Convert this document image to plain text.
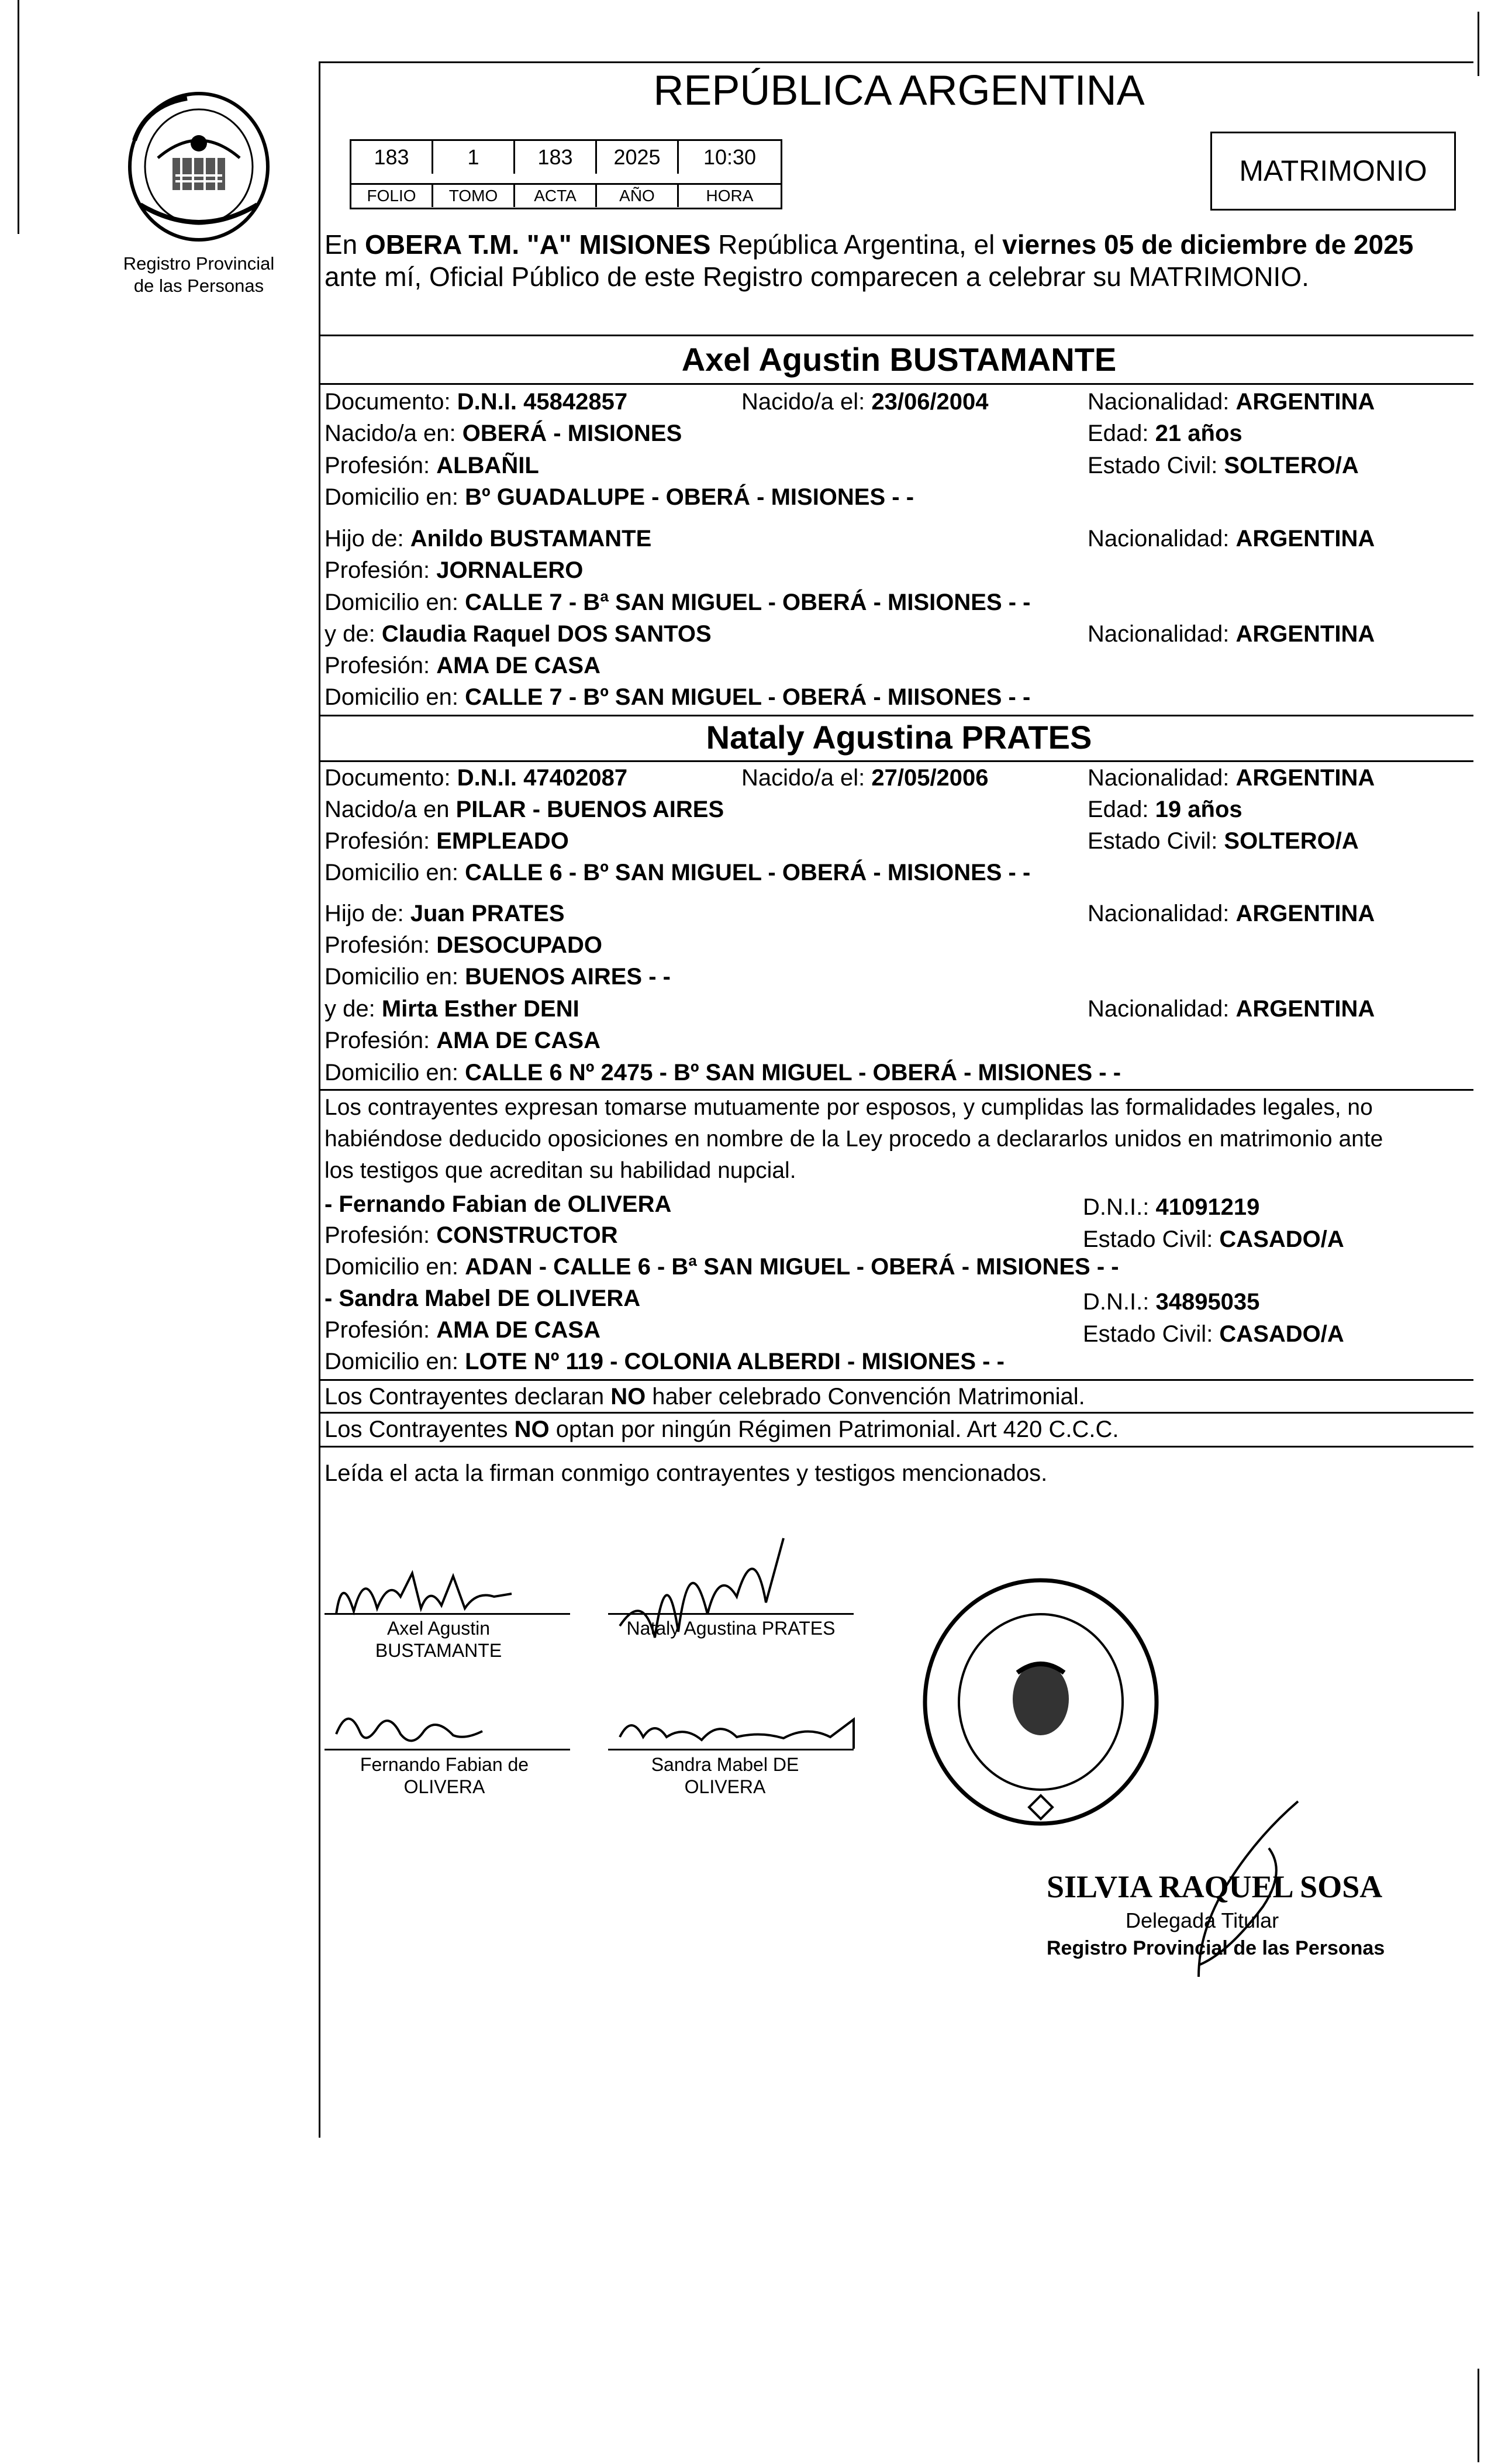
Registro Provincial
de las Personas
REPÚBLICA ARGENTINA
183	1	183	2025	10:30
FOLIO	TOMO	ACTA	AÑO	HORA
MATRIMONIO
En OBERA T.M. "A" MISIONES República Argentina, el viernes 05 de diciembre de 2025
ante mí, Oficial Público de este Registro comparecen a celebrar su MATRIMONIO.
Axel Agustin BUSTAMANTE
Documento: D.N.I. 45842857	Nacido/a el: 23/06/2004	Nacionalidad: ARGENTINA
Nacido/a en: OBERÁ - MISIONES	Edad: 21 años
Profesión: ALBAÑIL	Estado Civil: SOLTERO/A
Domicilio en: Bº GUADALUPE - OBERÁ - MISIONES - -
Hijo de: Anildo BUSTAMANTE	Nacionalidad: ARGENTINA
Profesión: JORNALERO
Domicilio en: CALLE 7 - Bª SAN MIGUEL - OBERÁ - MISIONES - -
y de: Claudia Raquel DOS SANTOS	Nacionalidad: ARGENTINA
Profesión: AMA DE CASA
Domicilio en: CALLE 7 - Bº SAN MIGUEL - OBERÁ - MIISONES - -
Nataly Agustina PRATES
Documento: D.N.I. 47402087	Nacido/a el: 27/05/2006	Nacionalidad: ARGENTINA
Nacido/a en PILAR - BUENOS AIRES	Edad: 19 años
Profesión: EMPLEADO	Estado Civil: SOLTERO/A
Domicilio en: CALLE 6 - Bº SAN MIGUEL - OBERÁ - MISIONES - -
Hijo de: Juan PRATES	Nacionalidad: ARGENTINA
Profesión: DESOCUPADO
Domicilio en: BUENOS AIRES - -
y de: Mirta Esther DENI	Nacionalidad: ARGENTINA
Profesión: AMA DE CASA
Domicilio en: CALLE 6 Nº 2475 - Bº SAN MIGUEL - OBERÁ - MISIONES - -
Los contrayentes expresan tomarse mutuamente por esposos, y cumplidas las formalidades legales, no
habiéndose deducido oposiciones en nombre de la Ley procedo a declararlos unidos en matrimonio ante
los testigos que acreditan su habilidad nupcial.
- Fernando Fabian de OLIVERA	D.N.I.: 41091219
Profesión: CONSTRUCTOR	Estado Civil: CASADO/A
Domicilio en: ADAN - CALLE 6 - Bª SAN MIGUEL - OBERÁ - MISIONES - -
- Sandra Mabel DE OLIVERA	D.N.I.: 34895035
Profesión: AMA DE CASA	Estado Civil: CASADO/A
Domicilio en: LOTE Nº 119 - COLONIA ALBERDI - MISIONES - -
Los Contrayentes declaran NO haber celebrado Convención Matrimonial.
Los Contrayentes NO optan por ningún Régimen Patrimonial. Art 420 C.C.C.
Leída el acta la firman conmigo contrayentes y testigos mencionados.
Axel Agustin
BUSTAMANTE
Nataly Agustina PRATES
Fernando Fabian de
OLIVERA
Sandra Mabel DE
OLIVERA
SILVIA RAQUEL SOSA
Delegada Titular
Registro Provincial de las Personas
